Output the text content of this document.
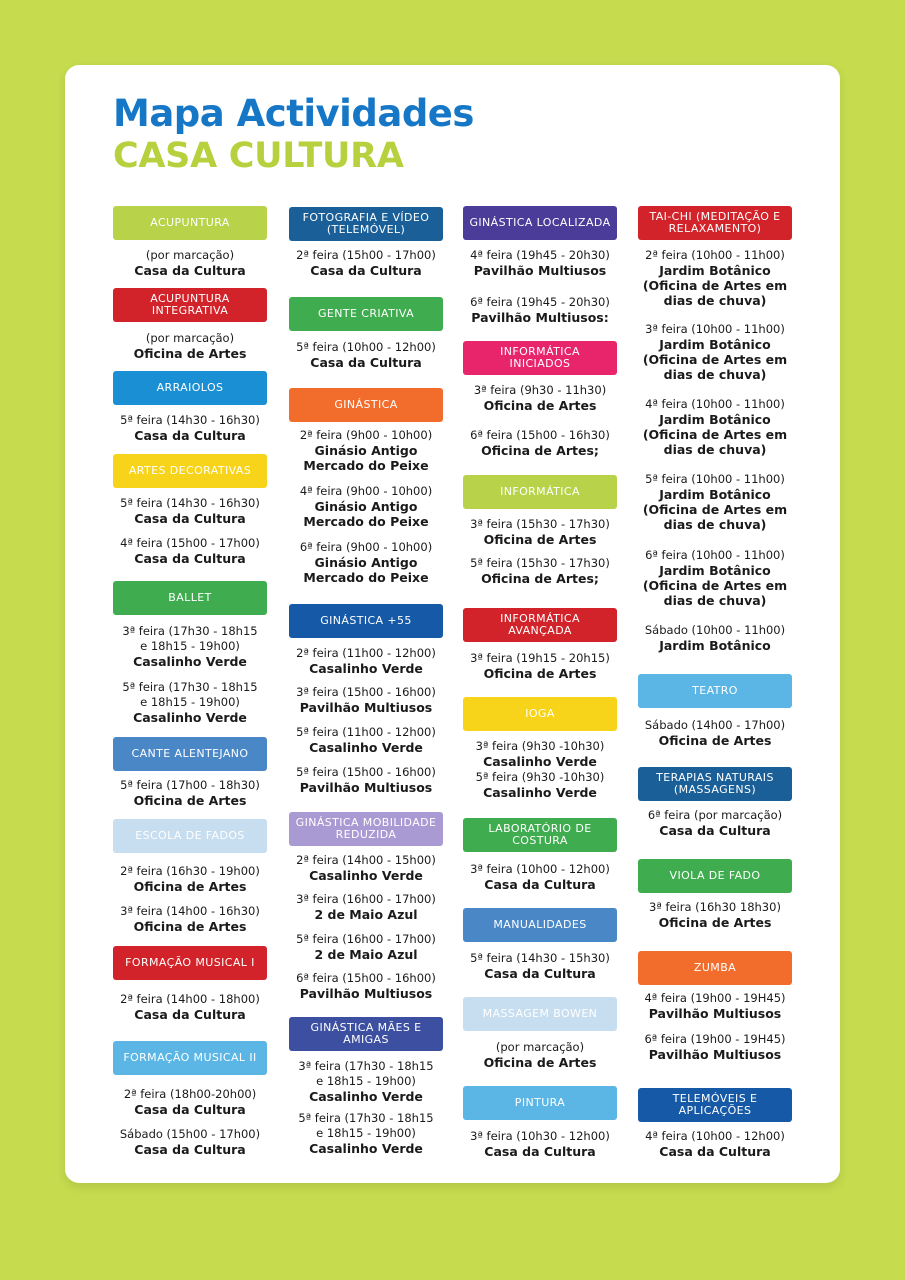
Mapa Actividades
CASA CULTURA
ACUPUNTURA
(por marcação)
Casa da Cultura
ACUPUNTURA INTEGRATIVA
(por marcação)
Oficina de Artes
ARRAIOLOS
5ª feira (14h30 - 16h30)
Casa da Cultura
ARTES DECORATIVAS
5ª feira (14h30 - 16h30)
Casa da Cultura
4ª feira (15h00 - 17h00)
Casa da Cultura
BALLET
3ª feira (17h30 - 18h15
e 18h15 - 19h00)
Casalinho Verde
5ª feira (17h30 - 18h15
e 18h15 - 19h00)
Casalinho Verde
CANTE ALENTEJANO
5ª feira (17h00 - 18h30)
Oficina de Artes
ESCOLA DE FADOS
2ª feira (16h30 - 19h00)
Oficina de Artes
3ª feira (14h00 - 16h30)
Oficina de Artes
FORMAÇÃO MUSICAL I
2ª feira (14h00 - 18h00)
Casa da Cultura
FORMAÇÃO MUSICAL II
2ª feira (18h00-20h00)
Casa da Cultura
Sábado (15h00 - 17h00)
Casa da Cultura
FOTOGRAFIA E VÍDEO (TELEMÓVEL)
2ª feira (15h00 - 17h00)
Casa da Cultura
GENTE CRIATIVA
5ª feira (10h00 - 12h00)
Casa da Cultura
GINÁSTICA
2ª feira (9h00 - 10h00)
Ginásio Antigo
Mercado do Peixe
4ª feira (9h00 - 10h00)
Ginásio Antigo
Mercado do Peixe
6ª feira (9h00 - 10h00)
Ginásio Antigo
Mercado do Peixe
GINÁSTICA +55
2ª feira (11h00 - 12h00)
Casalinho Verde
3ª feira (15h00 - 16h00)
Pavilhão Multiusos
5ª feira (11h00 - 12h00)
Casalinho Verde
5ª feira (15h00 - 16h00)
Pavilhão Multiusos
GINÁSTICA MOBILIDADE REDUZIDA
2ª feira (14h00 - 15h00)
Casalinho Verde
3ª feira (16h00 - 17h00)
2 de Maio Azul
5ª feira (16h00 - 17h00)
2 de Maio Azul
6ª feira (15h00 - 16h00)
Pavilhão Multiusos
GINÁSTICA MÃES E AMIGAS
3ª feira (17h30 - 18h15
e 18h15 - 19h00)
Casalinho Verde
5ª feira (17h30 - 18h15
e 18h15 - 19h00)
Casalinho Verde
GINÁSTICA LOCALIZADA
4ª feira (19h45 - 20h30)
Pavilhão Multiusos
6ª feira (19h45 - 20h30)
Pavilhão Multiusos:
INFORMÁTICA INICIADOS
3ª feira (9h30 - 11h30)
Oficina de Artes
6ª feira (15h00 - 16h30)
Oficina de Artes;
INFORMÁTICA
3ª feira (15h30 - 17h30)
Oficina de Artes
5ª feira (15h30 - 17h30)
Oficina de Artes;
INFORMÁTICA AVANÇADA
3ª feira (19h15 - 20h15)
Oficina de Artes
IOGA
3ª feira (9h30 -10h30)
Casalinho Verde
5ª feira (9h30 -10h30)
Casalinho Verde
LABORATÓRIO DE COSTURA
3ª feira (10h00 - 12h00)
Casa da Cultura
MANUALIDADES
5ª feira (14h30 - 15h30)
Casa da Cultura
MASSAGEM BOWEN
(por marcação)
Oficina de Artes
PINTURA
3ª feira (10h30 - 12h00)
Casa da Cultura
TAI-CHI (MEDITAÇÃO E RELAXAMENTO)
2ª feira (10h00 - 11h00)
Jardim Botânico
(Oficina de Artes em
dias de chuva)
3ª feira (10h00 - 11h00)
Jardim Botânico
(Oficina de Artes em
dias de chuva)
4ª feira (10h00 - 11h00)
Jardim Botânico
(Oficina de Artes em
dias de chuva)
5ª feira (10h00 - 11h00)
Jardim Botânico
(Oficina de Artes em
dias de chuva)
6ª feira (10h00 - 11h00)
Jardim Botânico
(Oficina de Artes em
dias de chuva)
Sábado (10h00 - 11h00)
Jardim Botânico
TEATRO
Sábado (14h00 - 17h00)
Oficina de Artes
TERAPIAS NATURAIS (MASSAGENS)
6ª feira (por marcação)
Casa da Cultura
VIOLA DE FADO
3ª feira (16h30 18h30)
Oficina de Artes
ZUMBA
4ª feira (19h00 - 19H45)
Pavilhão Multiusos
6ª feira (19h00 - 19H45)
Pavilhão Multiusos
TELEMÓVEIS E APLICAÇÕES
4ª feira (10h00 - 12h00)
Casa da Cultura
